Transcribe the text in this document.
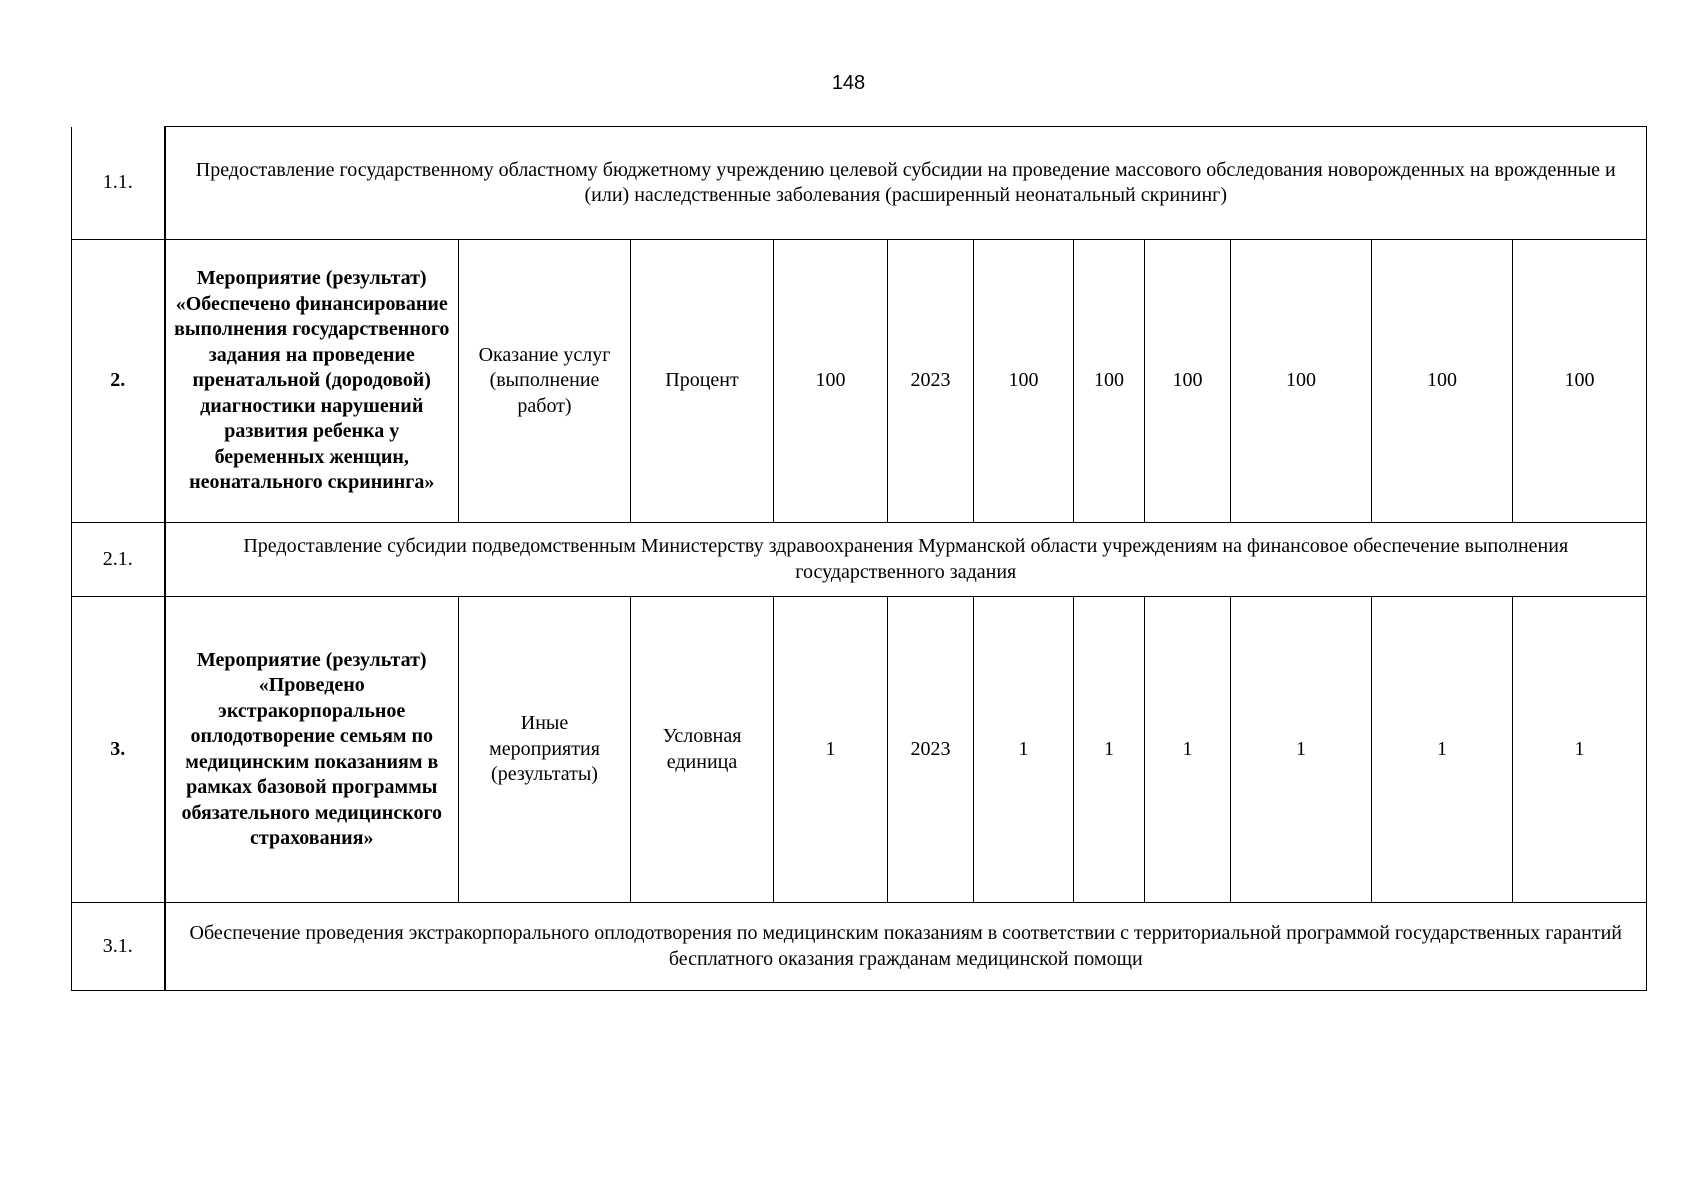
148
1.1.	Предоставление государственному областному бюджетному учреждению целевой субсидии на проведение массового обследования новорожденных на врожденные и (или) наследственные заболевания (расширенный неонатальный скрининг)										
2.	Мероприятие (результат) «Обеспечено финансирование выполнения государственного задания на проведение пренатальной (дородовой) диагностики нарушений развития ребенка у беременных женщин, неонатального скрининга»	Оказание услуг (выполнение работ)	Процент	100	2023	100	100	100	100	100	100
2.1.	Предоставление субсидии подведомственным Министерству здравоохранения Мурманской области учреждениям на финансовое обеспечение выполнения государственного задания										
3.	Мероприятие (результат) «Проведено экстракорпоральное оплодотворение семьям по медицинским показаниям в рамках базовой программы обязательного медицинского страхования»	Иные мероприятия (результаты)	Условная единица	1	2023	1	1	1	1	1	1
3.1.	Обеспечение проведения экстракорпорального оплодотворения по медицинским показаниям в соответствии с территориальной программой государственных гарантий бесплатного оказания гражданам медицинской помощи										
